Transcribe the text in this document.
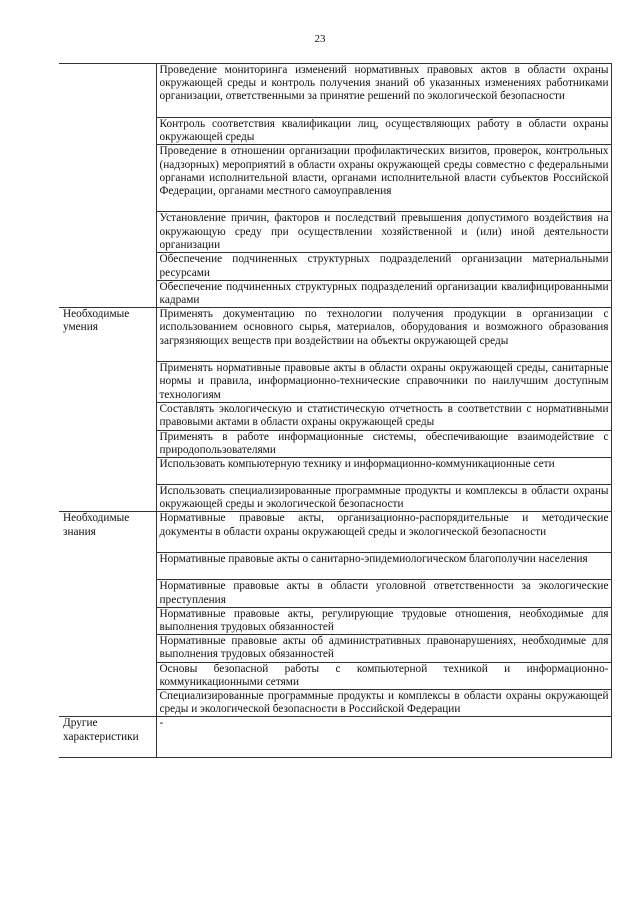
23
	Проведение мониторинга изменений нормативных правовых актов в области охраны окружающей среды и контроль получения знаний об указанных изменениях работниками организации, ответственными за принятие решений по экологической безопасности
	Контроль соответствия квалификации лиц, осуществляющих работу в области охраны окружающей среды
	Проведение в отношении организации профилактических визитов, проверок, контрольных (надзорных) мероприятий в области охраны окружающей среды совместно с федеральными органами исполнительной власти, органами исполнительной власти субъектов Российской Федерации, органами местного самоуправления
	Установление причин, факторов и последствий превышения допустимого воздействия на окружающую среду при осуществлении хозяйственной и (или) иной деятельности организации
	Обеспечение подчиненных структурных подразделений организации материальными ресурсами
	Обеспечение подчиненных структурных подразделений организации квалифицированными кадрами
Необходимые умения	Применять документацию по технологии получения продукции в организации с использованием основного сырья, материалов, оборудования и возможного образования загрязняющих веществ при воздействии на объекты окружающей среды
	Применять нормативные правовые акты в области охраны окружающей среды, санитарные нормы и правила, информационно-технические справочники по наилучшим доступным технологиям
	Составлять экологическую и статистическую отчетность в соответствии с нормативными правовыми актами в области охраны окружающей среды
	Применять в работе информационные системы, обеспечивающие взаимодействие с природопользователями
	Использовать компьютерную технику и информационно-коммуникационные сети
	Использовать специализированные программные продукты и комплексы в области охраны окружающей среды и экологической безопасности
Необходимые знания	Нормативные правовые акты, организационно-распорядительные и методические документы в области охраны окружающей среды и экологической безопасности
	Нормативные правовые акты о санитарно-эпидемиологическом благополучии населения
	Нормативные правовые акты в области уголовной ответственности за экологические преступления
	Нормативные правовые акты, регулирующие трудовые отношения, необходимые для выполнения трудовых обязанностей
	Нормативные правовые акты об административных правонарушениях, необходимые для выполнения трудовых обязанностей
	Основы безопасной работы с компьютерной техникой и информационно-коммуникационными сетями
	Специализированные программные продукты и комплексы в области охраны окружающей среды и экологической безопасности в Российской Федерации
Другие характеристики	-
